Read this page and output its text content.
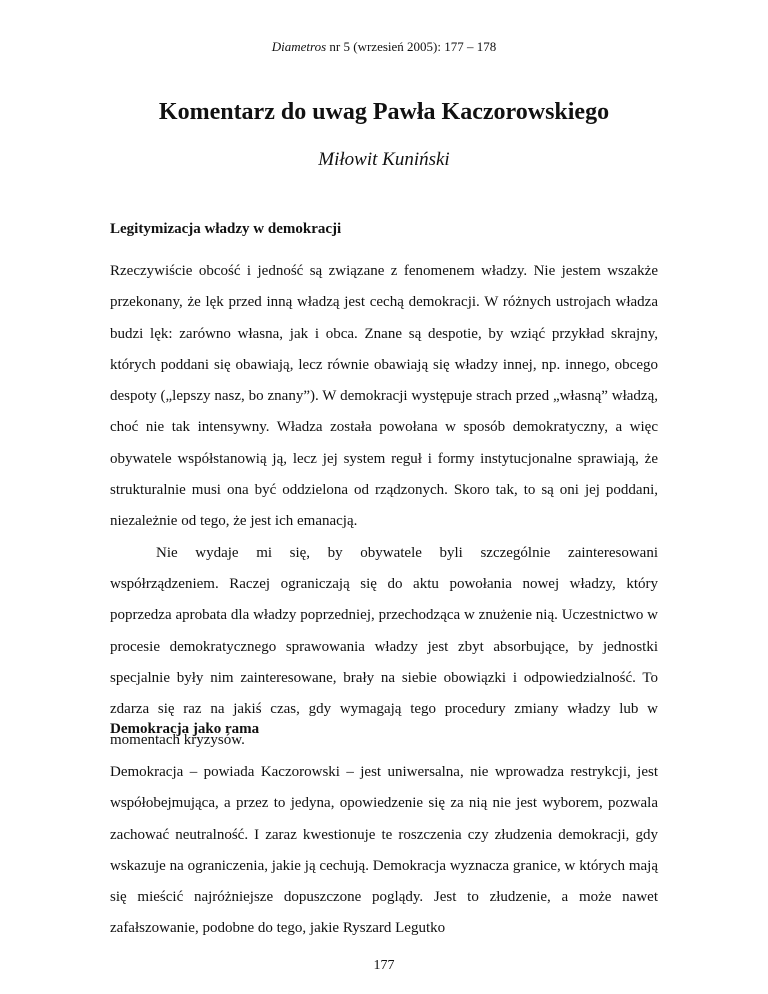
Diametros nr 5 (wrzesień 2005): 177 – 178
Komentarz do uwag Pawła Kaczorowskiego
Miłowit Kuniński

Legitymizacja władzy w demokracji

Rzeczywiście obcość i jedność są związane z fenomenem władzy. Nie jestem wszakże przekonany, że lęk przed inną władzą jest cechą demokracji. W różnych ustrojach władza budzi lęk: zarówno własna, jak i obca. Znane są despotie, by wziąć przykład skrajny, których poddani się obawiają, lecz równie obawiają się władzy innej, np. innego, obcego despoty („lepszy nasz, bo znany”). W demokracji występuje strach przed „własną” władzą, choć nie tak intensywny. Władza została powołana w sposób demokratyczny, a więc obywatele współstanowią ją, lecz jej system reguł i formy instytucjonalne sprawiają, że strukturalnie musi ona być oddzielona od rządzonych. Skoro tak, to są oni jej poddani, niezależnie od tego, że jest ich emanacją.

Nie wydaje mi się, by obywatele byli szczególnie zainteresowani współrządzeniem. Raczej ograniczają się do aktu powołania nowej władzy, który poprzedza aprobata dla władzy poprzedniej, przechodząca w znużenie nią. Uczestnictwo w procesie demokratycznego sprawowania władzy jest zbyt absorbujące, by jednostki specjalnie były nim zainteresowane, brały na siebie obowiązki i odpowiedzialność. To zdarza się raz na jakiś czas, gdy wymagają tego procedury zmiany władzy lub w momentach kryzysów.

Demokracja jako rama

Demokracja – powiada Kaczorowski – jest uniwersalna, nie wprowadza restrykcji, jest współobejmująca, a przez to jedyna, opowiedzenie się za nią nie jest wyborem, pozwala zachować neutralność. I zaraz kwestionuje te roszczenia czy złudzenia demokracji, gdy wskazuje na ograniczenia, jakie ją cechują. Demokracja wyznacza granice, w których mają się mieścić najróżniejsze dopuszczone poglądy. Jest to złudzenie, a może nawet zafałszowanie, podobne do tego, jakie Ryszard Legutko

177
